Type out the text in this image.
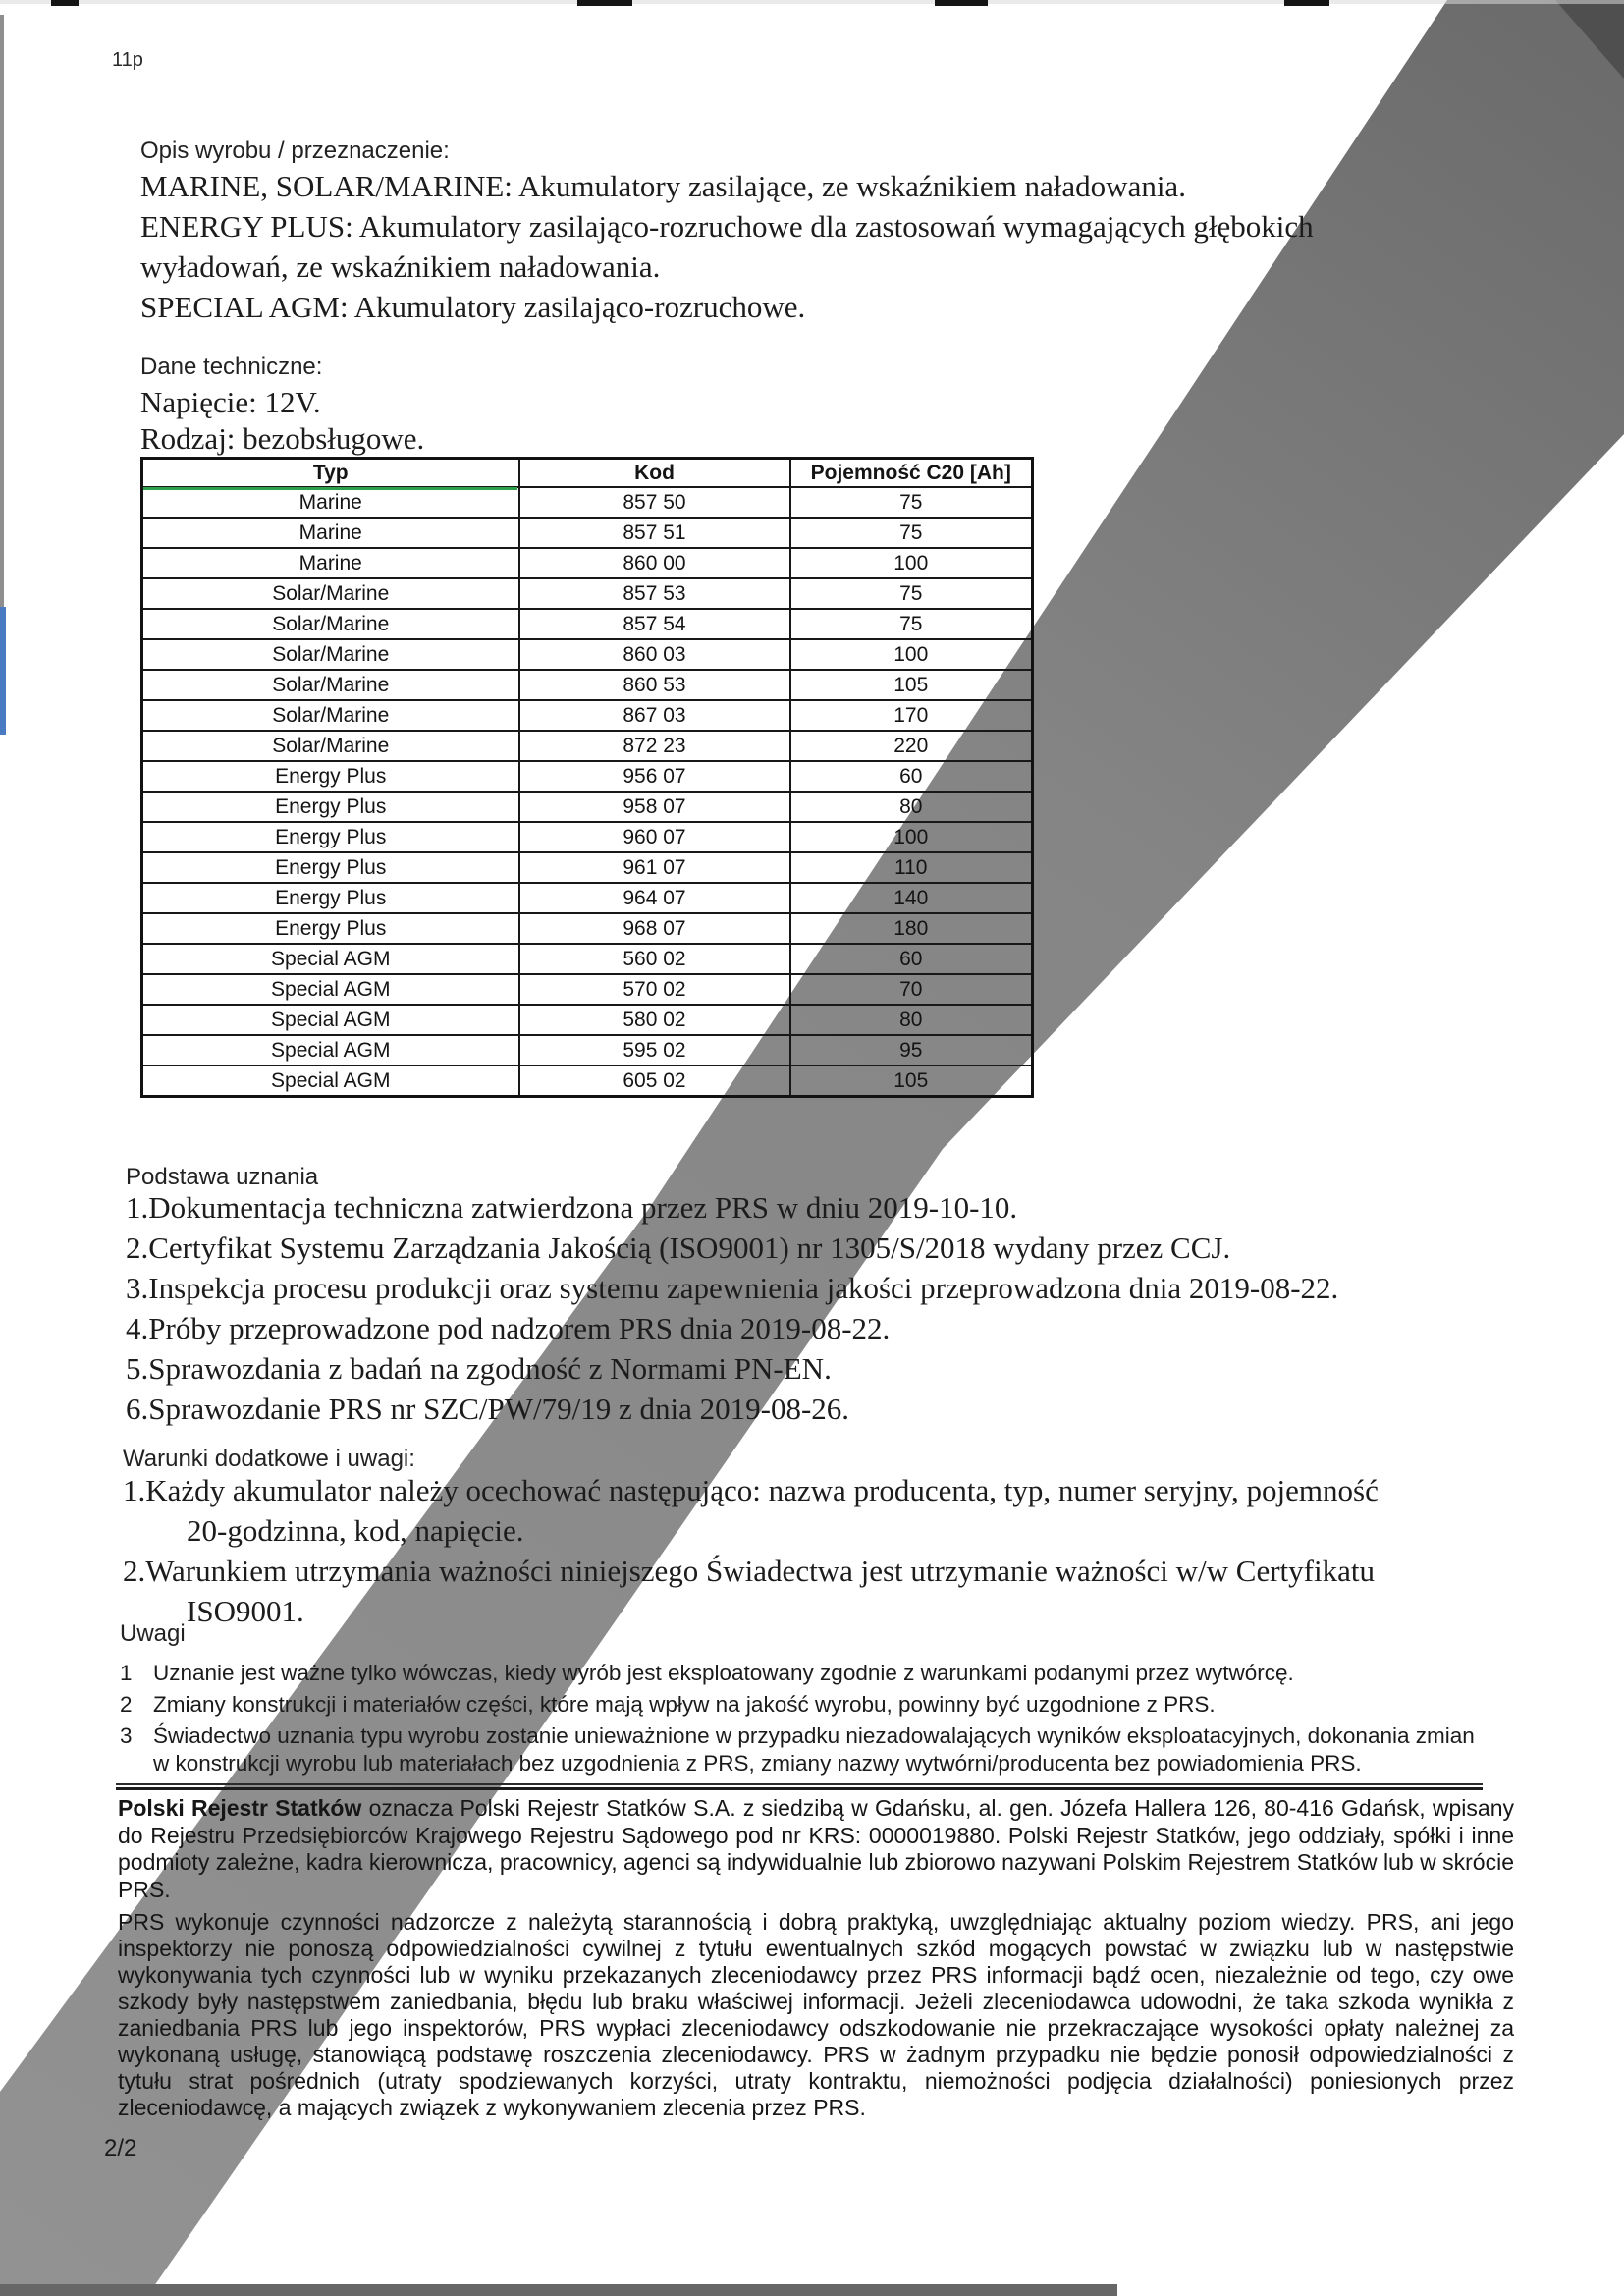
11p
Opis wyrobu / przeznaczenie:
MARINE, SOLAR/MARINE: Akumulatory zasilające, ze wskaźnikiem naładowania.
ENERGY PLUS: Akumulatory zasilająco-rozruchowe dla zastosowań wymagających głębokich
wyładowań, ze wskaźnikiem naładowania.
SPECIAL AGM: Akumulatory zasilająco-rozruchowe.
Dane techniczne:
Napięcie: 12V.
Rodzaj: bezobsługowe.
Typ	Kod	Pojemność C20 [Ah]
Marine	857 50	75
Marine	857 51	75
Marine	860 00	100
Solar/Marine	857 53	75
Solar/Marine	857 54	75
Solar/Marine	860 03	100
Solar/Marine	860 53	105
Solar/Marine	867 03	170
Solar/Marine	872 23	220
Energy Plus	956 07	60
Energy Plus	958 07	80
Energy Plus	960 07	100
Energy Plus	961 07	110
Energy Plus	964 07	140
Energy Plus	968 07	180
Special AGM	560 02	60
Special AGM	570 02	70
Special AGM	580 02	80
Special AGM	595 02	95
Special AGM	605 02	105
Podstawa uznania
1.Dokumentacja techniczna zatwierdzona przez PRS w dniu 2019-10-10.
2.Certyfikat Systemu Zarządzania Jakością (ISO9001) nr 1305/S/2018 wydany przez CCJ.
3.Inspekcja procesu produkcji oraz systemu zapewnienia jakości przeprowadzona dnia 2019-08-22.
4.Próby przeprowadzone pod nadzorem PRS dnia 2019-08-22.
5.Sprawozdania z badań na zgodność z Normami PN-EN.
6.Sprawozdanie PRS nr SZC/PW/79/19 z dnia 2019-08-26.
Warunki dodatkowe i uwagi:
1.Każdy akumulator należy ocechować następująco: nazwa producenta, typ, numer seryjny, pojemność
20-godzinna, kod, napięcie.
2.Warunkiem utrzymania ważności niniejszego Świadectwa jest utrzymanie ważności w/w Certyfikatu
ISO9001.
Uwagi
1 Uznanie jest ważne tylko wówczas, kiedy wyrób jest eksploatowany zgodnie z warunkami podanymi przez wytwórcę.
2 Zmiany konstrukcji i materiałów części, które mają wpływ na jakość wyrobu, powinny być uzgodnione z PRS.
3 Świadectwo uznania typu wyrobu zostanie unieważnione w przypadku niezadowalających wyników eksploatacyjnych, dokonania zmian w konstrukcji wyrobu lub materiałach bez uzgodnienia z PRS, zmiany nazwy wytwórni/producenta bez powiadomienia PRS.
Polski Rejestr Statków oznacza Polski Rejestr Statków S.A. z siedzibą w Gdańsku, al. gen. Józefa Hallera 126, 80-416 Gdańsk, wpisany do Rejestru Przedsiębiorców Krajowego Rejestru Sądowego pod nr KRS: 0000019880. Polski Rejestr Statków, jego oddziały, spółki i inne podmioty zależne, kadra kierownicza, pracownicy, agenci są indywidualnie lub zbiorowo nazywani Polskim Rejestrem Statków lub w skrócie PRS.
PRS wykonuje czynności nadzorcze z należytą starannością i dobrą praktyką, uwzględniając aktualny poziom wiedzy. PRS, ani jego inspektorzy nie ponoszą odpowiedzialności cywilnej z tytułu ewentualnych szkód mogących powstać w związku lub w następstwie wykonywania tych czynności lub w wyniku przekazanych zleceniodawcy przez PRS informacji bądź ocen, niezależnie od tego, czy owe szkody były następstwem zaniedbania, błędu lub braku właściwej informacji. Jeżeli zleceniodawca udowodni, że taka szkoda wynikła z zaniedbania PRS lub jego inspektorów, PRS wypłaci zleceniodawcy odszkodowanie nie przekraczające wysokości opłaty należnej za wykonaną usługę, stanowiącą podstawę roszczenia zleceniodawcy. PRS w żadnym przypadku nie będzie ponosił odpowiedzialności z tytułu strat pośrednich (utraty spodziewanych korzyści, utraty kontraktu, niemożności podjęcia działalności) poniesionych przez zleceniodawcę, a mających związek z wykonywaniem zlecenia przez PRS.
2/2
